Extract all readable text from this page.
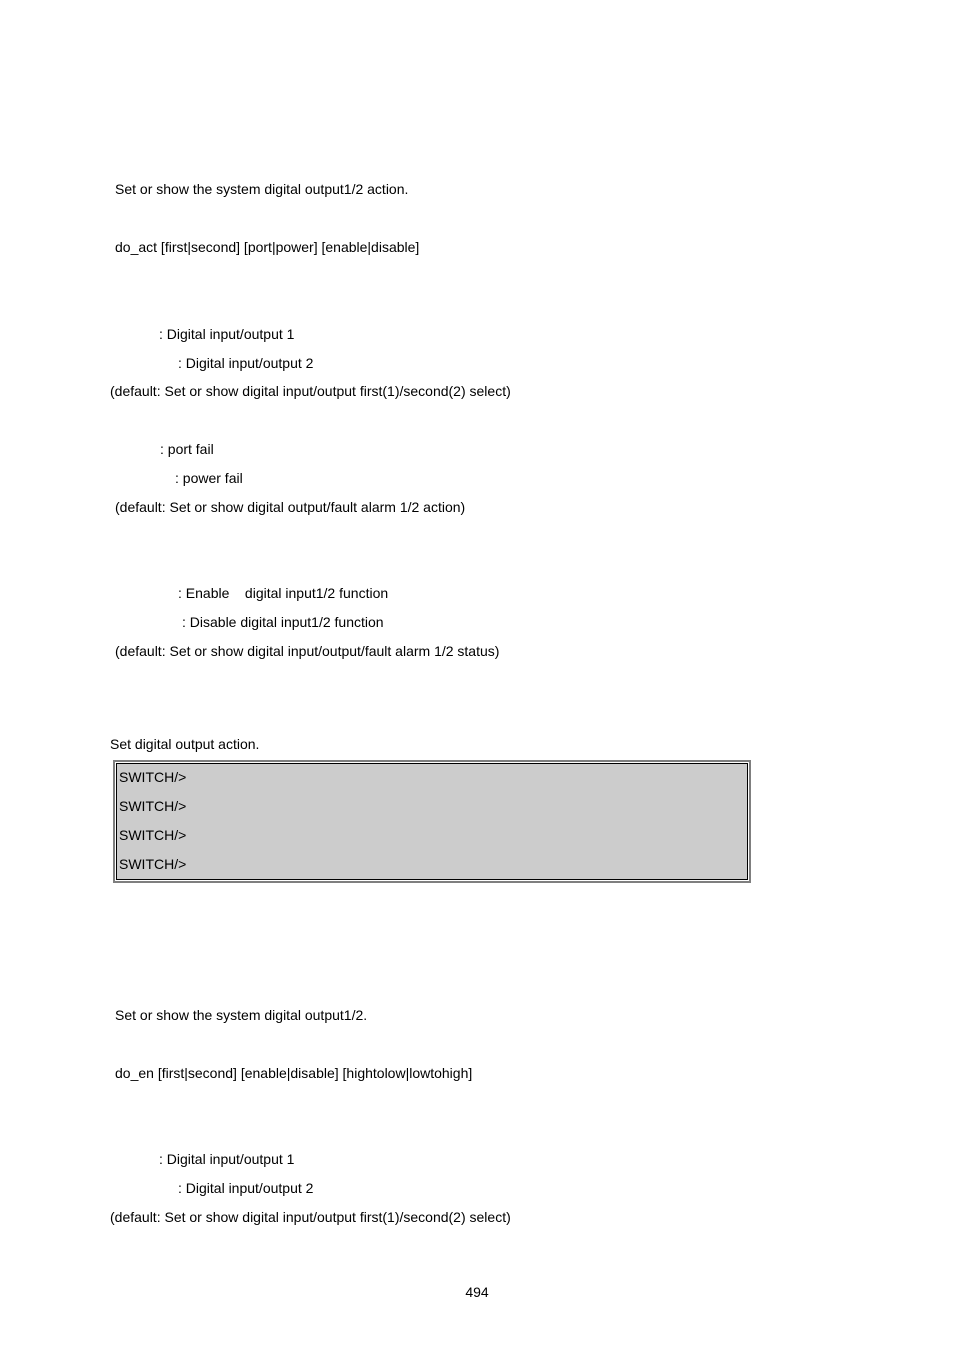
Set or show the system digital output1/2 action.
do_act [first|second] [port|power] [enable|disable]
: Digital input/output 1
: Digital input/output 2
(default: Set or show digital input/output first(1)/second(2) select)
: port fail
: power fail
(default: Set or show digital output/fault alarm 1/2 action)
: Enable    digital input1/2 function
: Disable digital input1/2 function
(default: Set or show digital input/output/fault alarm 1/2 status)
Set digital output action.
SWITCH/>
SWITCH/>
SWITCH/>
SWITCH/>
Set or show the system digital output1/2.
do_en [first|second] [enable|disable] [hightolow|lowtohigh]
: Digital input/output 1
: Digital input/output 2
(default: Set or show digital input/output first(1)/second(2) select)
494
